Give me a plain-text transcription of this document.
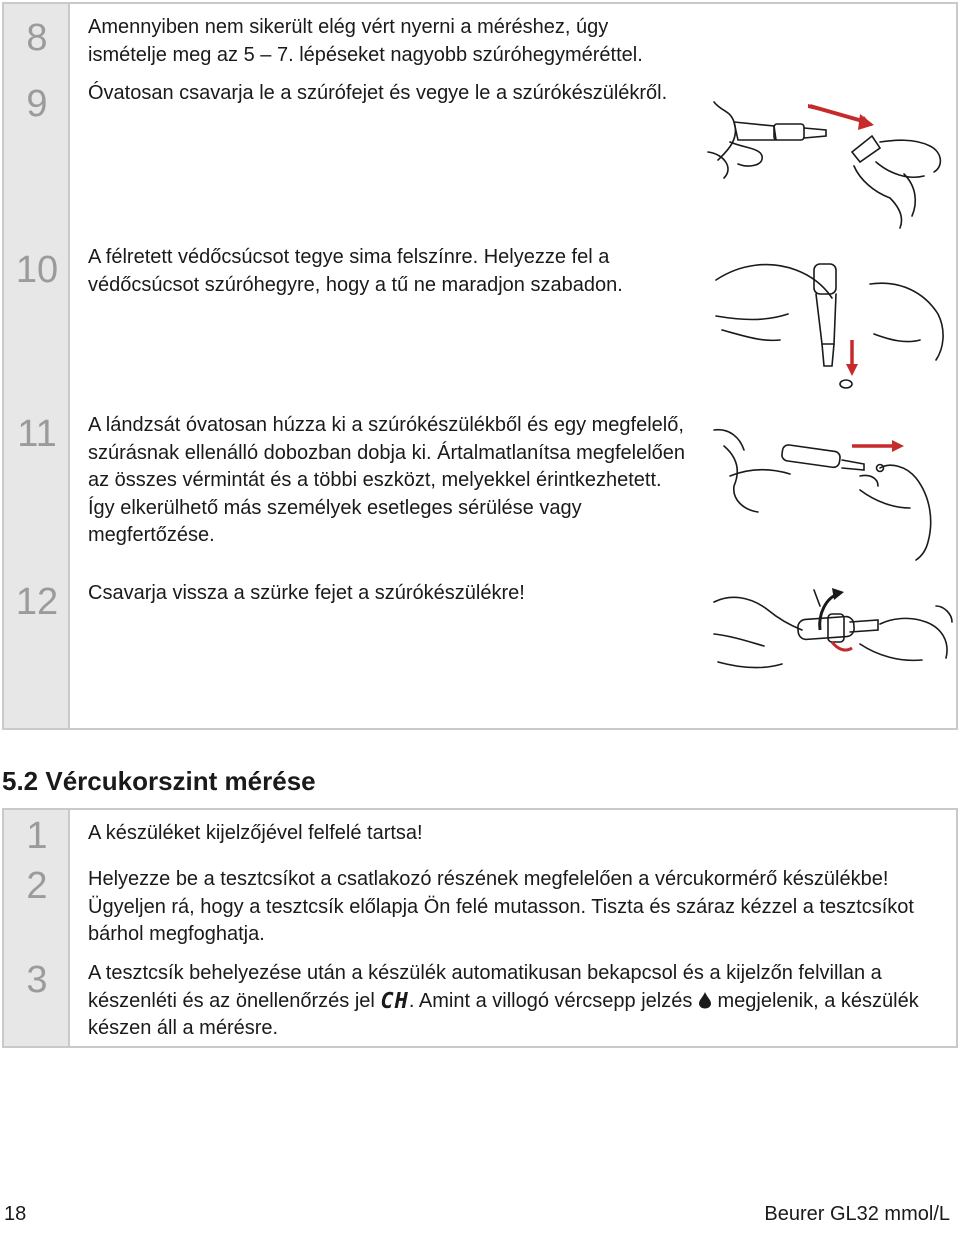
8	Amennyiben nem sikerült elég vért nyerni a méréshez, úgy ismételje meg az 5 – 7. lépéseket nagyobb szúróhegyméréttel.
9	Óvatosan csavarja le a szúrófejet és vegye le a szúrókészülékről.
10	A félretett védőcsúcsot tegye sima felszínre. Helyezze fel a védőcsúcsot szúróhegyre, hogy a tű ne maradjon szabadon.
11	A lándzsát óvatosan húzza ki a szúrókészülékből és egy megfelelő, szúrásnak ellenálló dobozban dobja ki. Ártalmatlanítsa megfelelően az összes vérmintát és a többi eszközt, melyekkel érintkezhetett. Így elkerülhető más személyek esetleges sérülése vagy megfertőzése.
12	Csavarja vissza a szürke fejet a szúrókészülékre!
5.2 Vércukorszint mérése
1	A készüléket kijelzőjével felfelé tartsa!
2	Helyezze be a tesztcsíkot a csatlakozó részének megfelelően a vércukormérő készülékbe! Ügyeljen rá, hogy a tesztcsík előlapja Ön felé mutasson. Tiszta és száraz kézzel a tesztcsíkot bárhol megfoghatja.
3	A tesztcsík behelyezése után a készülék automatikusan bekapcsol és a kijelzőn felvillan a készenléti és az önellenőrzés jel CH. Amint a villogó vércsepp jelzés megjelenik, a készülék készen áll a mérésre.
18	Beurer GL32 mmol/L
